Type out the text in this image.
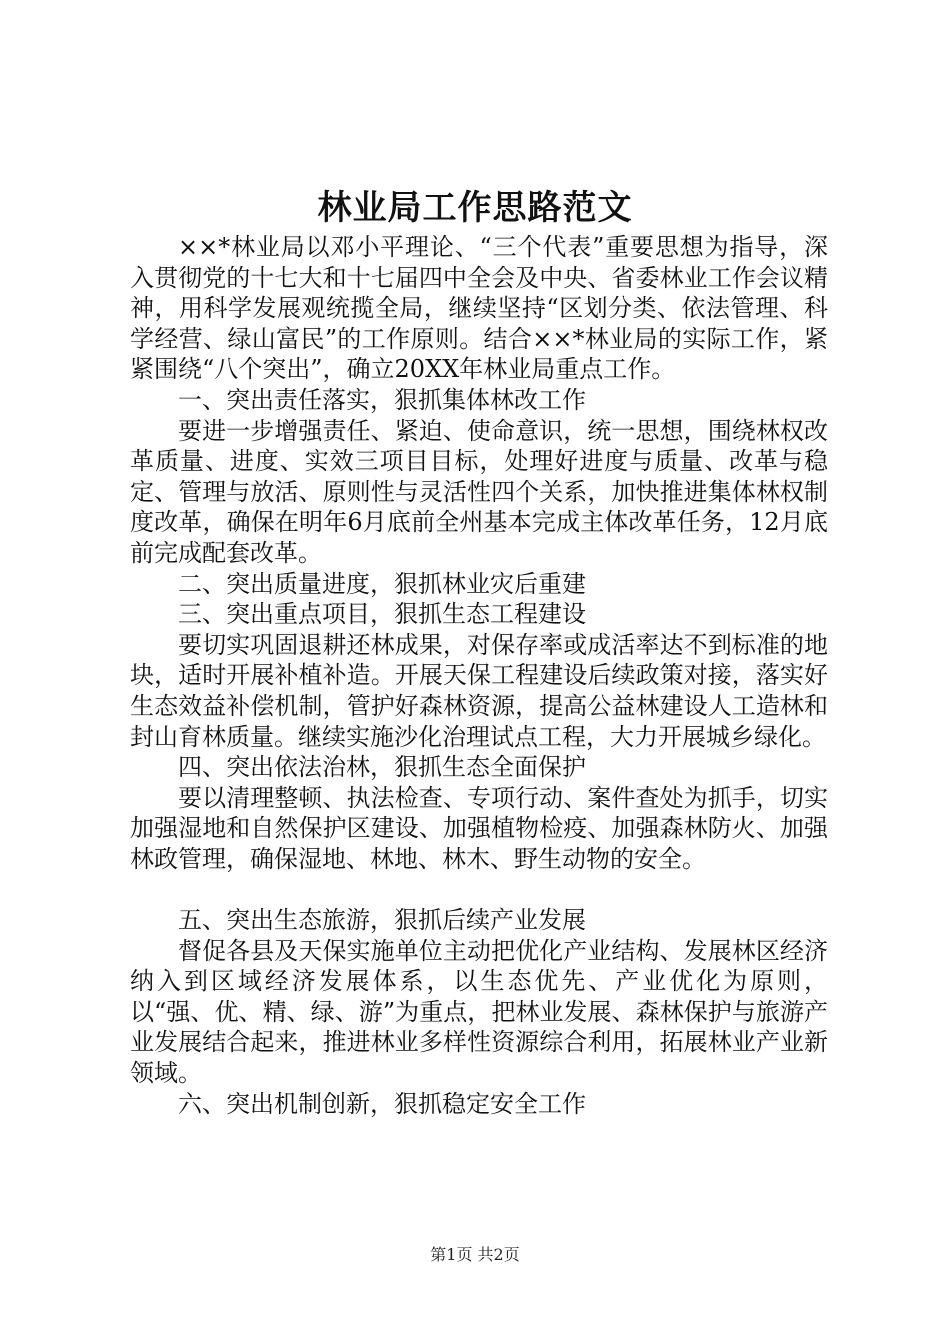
林业局工作思路范文

××*林业局以邓小平理论、“三个代表”重要思想为指导，深入贯彻党的十七大和十七届四中全会及中央、省委林业工作会议精神，用科学发展观统揽全局，继续坚持“区划分类、依法管理、科学经营、绿山富民”的工作原则。结合××*林业局的实际工作，紧紧围绕“八个突出”，确立20XX年林业局重点工作。

一、突出责任落实，狠抓集体林改工作

要进一步增强责任、紧迫、使命意识，统一思想，围绕林权改革质量、进度、实效三项目目标，处理好进度与质量、改革与稳定、管理与放活、原则性与灵活性四个关系，加快推进集体林权制度改革，确保在明年6月底前全州基本完成主体改革任务，12月底前完成配套改革。

二、突出质量进度，狠抓林业灾后重建

三、突出重点项目，狠抓生态工程建设

要切实巩固退耕还林成果，对保存率或成活率达不到标准的地块，适时开展补植补造。开展天保工程建设后续政策对接，落实好生态效益补偿机制，管护好森林资源，提高公益林建设人工造林和封山育林质量。继续实施沙化治理试点工程，大力开展城乡绿化。

四、突出依法治林，狠抓生态全面保护

要以清理整顿、执法检查、专项行动、案件查处为抓手，切实加强湿地和自然保护区建设、加强植物检疫、加强森林防火、加强林政管理，确保湿地、林地、林木、野生动物的安全。

五、突出生态旅游，狠抓后续产业发展

督促各县及天保实施单位主动把优化产业结构、发展林区经济纳入到区域经济发展体系，以生态优先、产业优化为原则，以“强、优、精、绿、游”为重点，把林业发展、森林保护与旅游产业发展结合起来，推进林业多样性资源综合利用，拓展林业产业新领域。

六、突出机制创新，狠抓稳定安全工作

第1页 共2页
